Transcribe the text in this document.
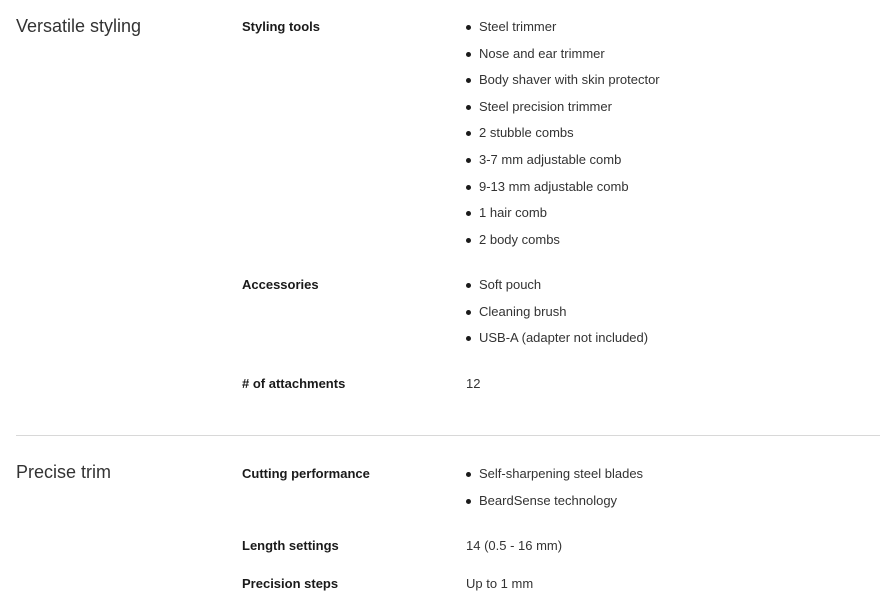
Versatile styling	Styling tools	Steel trimmer
Nose and ear trimmer
Body shaver with skin protector
Steel precision trimmer
2 stubble combs
3-7 mm adjustable comb
9-13 mm adjustable comb
1 hair comb
2 body combs
Accessories	Soft pouch
Cleaning brush
USB-A (adapter not included)
# of attachments	12
Precise trim	Cutting performance	Self-sharpening steel blades
BeardSense technology
Length settings	14 (0.5 - 16 mm)
Precision steps	Up to 1 mm
